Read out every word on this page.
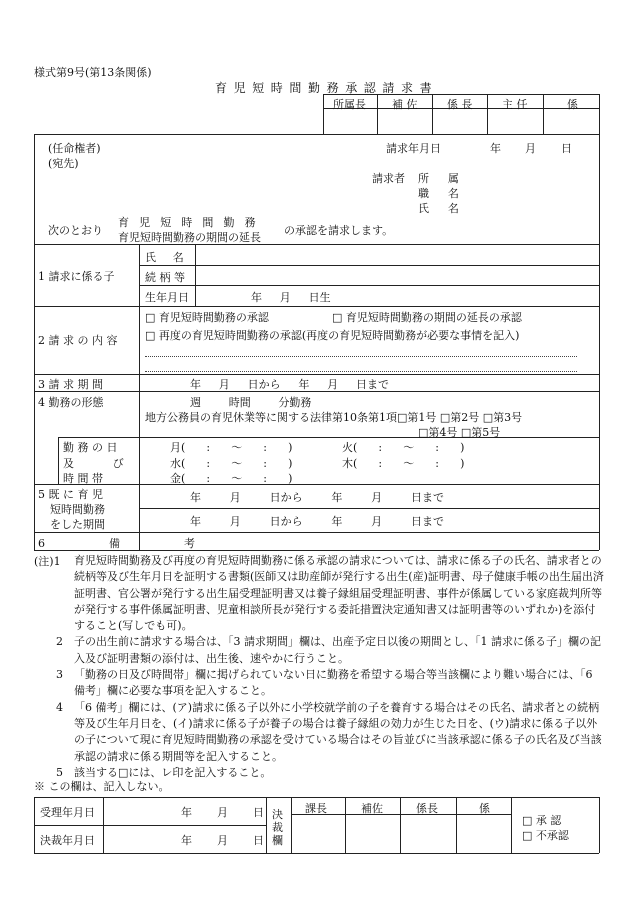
様式第9号(第13条関係)
育児短時間勤務承認請求書
所属長 補 佐	係 長	主 任	係
(任命権者)
(宛先)
請求年月日	年 月 日
請求者 所 属
職 名
氏 名
次のとおり
育 児 短 時 間 勤 務
育児短時間勤務の期間の延長
の承認を請求します。
1 請求に係る子
氏 名
続 柄 等
生年月日	年 月 日生
2 請 求 の 内 容
□ 育児短時間勤務の承認	□ 育児短時間勤務の期間の延長の承認
□ 再度の育児短時間勤務の承認(再度の育児短時間勤務が必要な事情を記入)
3 請 求 期 間	年 月 日から 年 月 日まで
4 勤務の形態	週 時間 分勤務
地方公務員の育児休業等に関する法律第10条第1項□第1号 □第2号 □第3号
□第4号 □第5号
勤 務 の 日
及 び
時 間 帯
月( : 〜 : )	火( : 〜 : )
水( : 〜 : )	木( : 〜 : )
金( : 〜 : )
5 既 に 育 児
短時間勤務
をした期間
年 月 日から 年 月 日まで
年 月 日から 年 月 日まで
6 備 考
(注)1	育児短時間勤務及び再度の育児短時間勤務に係る承認の請求については、請求に係る子の氏名、請求者との続柄等及び生年月日を証明する書類(医師又は助産師が発行する出生(産)証明書、母子健康手帳の出生届出済証明書、官公署が発行する出生届受理証明書又は養子縁組届受理証明書、事件が係属している家庭裁判所等が発行する事件係属証明書、児童相談所長が発行する委託措置決定通知書又は証明書等のいずれか)を添付すること(写しでも可)。
2 子の出生前に請求する場合は、「3 請求期間」欄は、出産予定日以後の期間とし、「1 請求に係る子」欄の記入及び証明書類の添付は、出生後、速やかに行うこと。
3 「勤務の日及び時間帯」欄に掲げられていない日に勤務を希望する場合等当該欄により難い場合には、「6 備考」欄に必要な事項を記入すること。
4 「6 備考」欄には、(ア)請求に係る子以外に小学校就学前の子を養育する場合はその氏名、請求者との続柄等及び生年月日を、(イ)請求に係る子が養子の場合は養子縁組の効力が生じた日を、(ウ)請求に係る子以外の子について現に育児短時間勤務の承認を受けている場合はその旨並びに当該承認に係る子の氏名及び当該承認の請求に係る期間等を記入すること。
5 該当する□には、レ印を記入すること。
※ この欄は、記入しない。
受理年月日	年 月 日
決裁年月日	年 月 日
決裁欄
課長	補佐	係長	係
□ 承 認
□ 不承認
